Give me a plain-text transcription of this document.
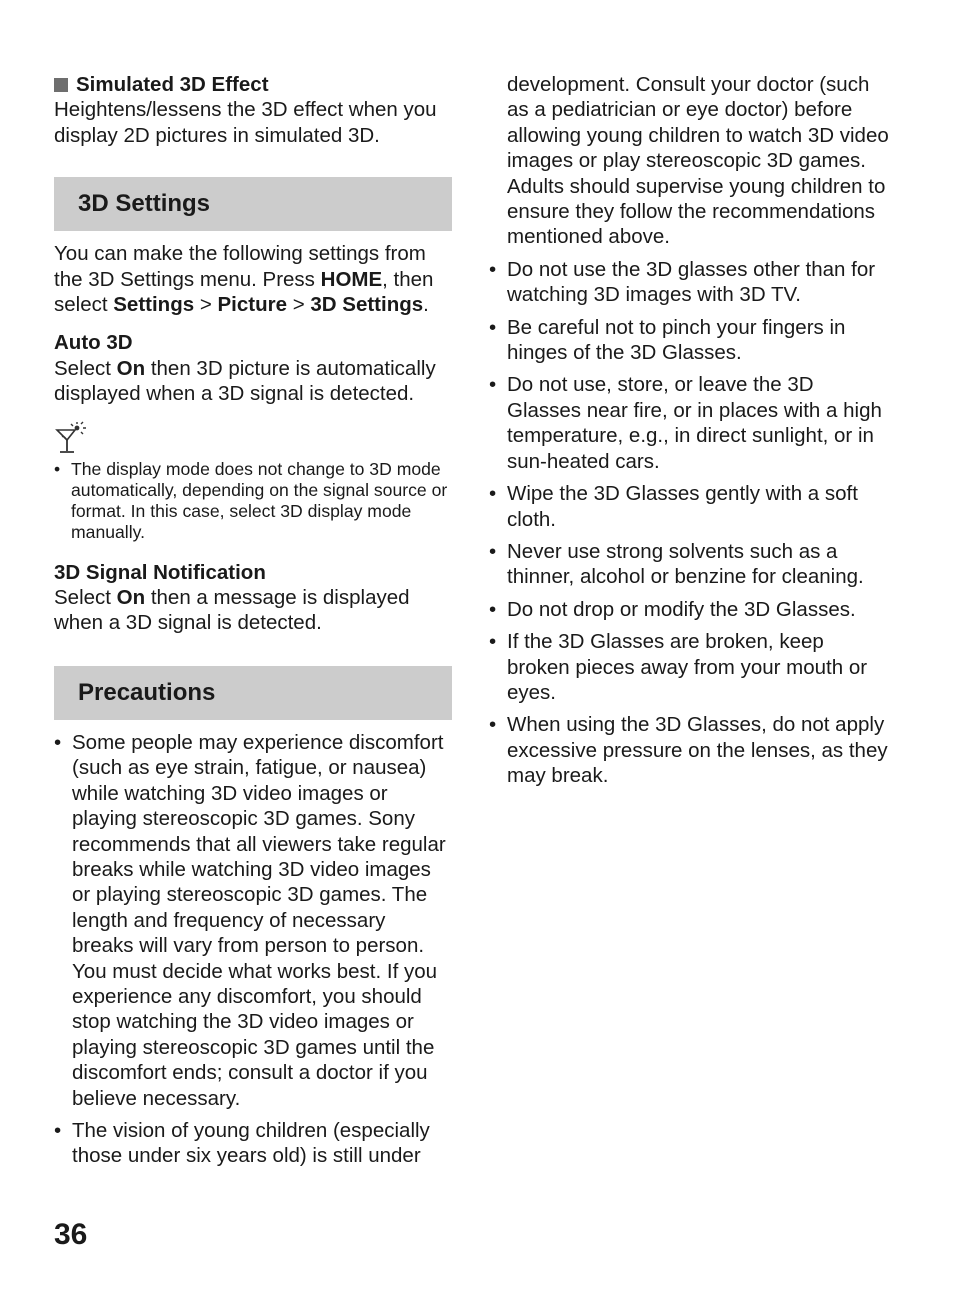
Simulated 3D Effect

Heightens/lessens the 3D effect when you display 2D pictures in simulated 3D.

3D Settings

You can make the following settings from the 3D Settings menu. Press HOME, then select Settings > Picture > 3D Settings.

Auto 3D

Select On then 3D picture is automatically displayed when a 3D signal is detected.

• The display mode does not change to 3D mode automatically, depending on the signal source or format. In this case, select 3D display mode manually.
3D Signal Notification

Select On then a message is displayed when a 3D signal is detected.

Precautions
• Some people may experience discomfort (such as eye strain, fatigue, or nausea) while watching 3D video images or playing stereoscopic 3D games. Sony recommends that all viewers take regular breaks while watching 3D video images or playing stereoscopic 3D games. The length and frequency of necessary breaks will vary from person to person. You must decide what works best. If you experience any discomfort, you should stop watching the 3D video images or playing stereoscopic 3D games until the discomfort ends; consult a doctor if you believe necessary.
• The vision of young children (especially those under six years old) is still under

development. Consult your doctor (such as a pediatrician or eye doctor) before allowing young children to watch 3D video images or play stereoscopic 3D games. Adults should supervise young children to ensure they follow the recommendations mentioned above.

• Do not use the 3D glasses other than for watching 3D images with 3D TV.
• Be careful not to pinch your fingers in hinges of the 3D Glasses.
• Do not use, store, or leave the 3D Glasses near fire, or in places with a high temperature, e.g., in direct sunlight, or in sun-heated cars.
• Wipe the 3D Glasses gently with a soft cloth.
• Never use strong solvents such as a thinner, alcohol or benzine for cleaning.
• Do not drop or modify the 3D Glasses.
• If the 3D Glasses are broken, keep broken pieces away from your mouth or eyes.
• When using the 3D Glasses, do not apply excessive pressure on the lenses, as they may break.
36
